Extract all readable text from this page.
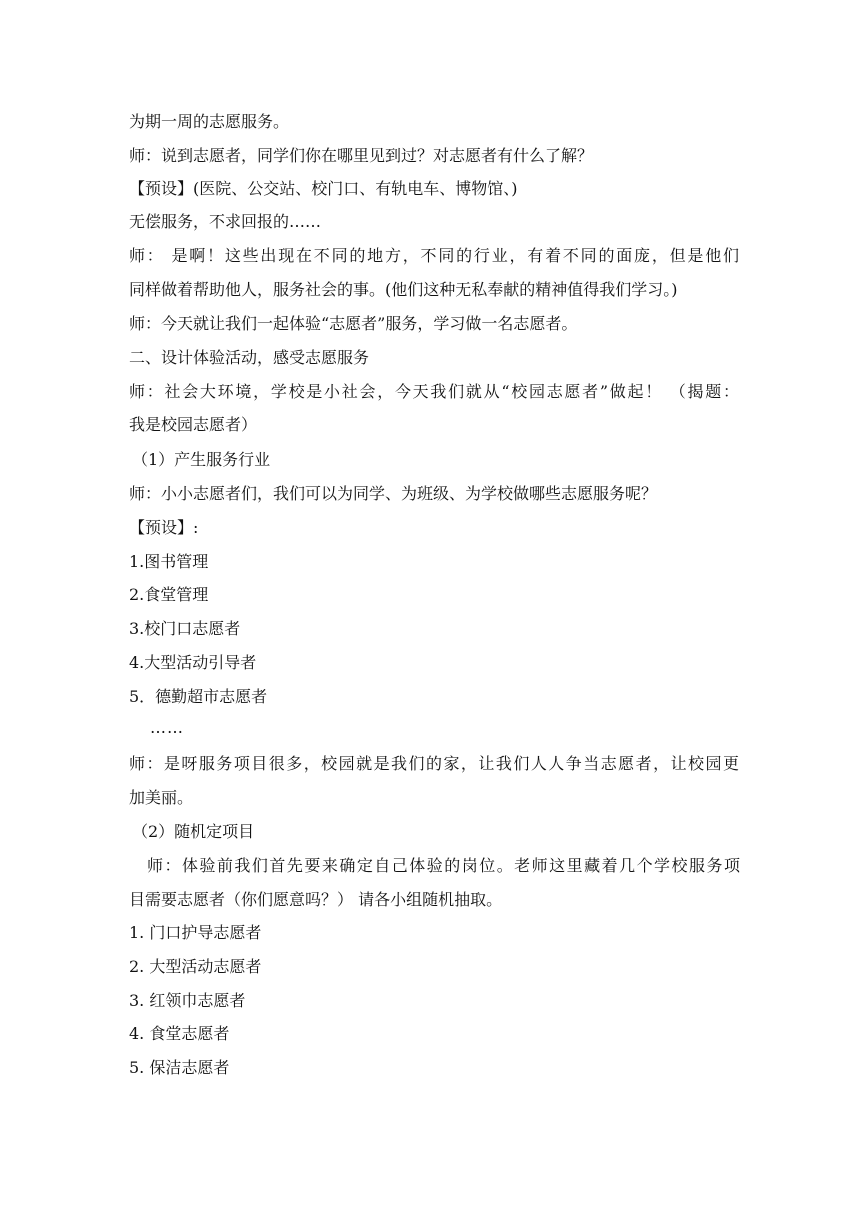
为期一周的志愿服务。
师：说到志愿者，同学们你在哪里见到过？对志愿者有什么了解？
【预设】(医院、公交站、校门口、有轨电车、博物馆、)
无偿服务，不求回报的……
师： 是啊！这些出现在不同的地方，不同的行业，有着不同的面庞，但是他们
同样做着帮助他人，服务社会的事。(他们这种无私奉献的精神值得我们学习。)
师：今天就让我们一起体验“志愿者”服务，学习做一名志愿者。
二、设计体验活动，感受志愿服务
师：社会大环境，学校是小社会，今天我们就从“校园志愿者”做起！ （揭题：
我是校园志愿者）
（1）产生服务行业
师：小小志愿者们，我们可以为同学、为班级、为学校做哪些志愿服务呢？
【预设】:
1.图书管理
2.食堂管理
3.校门口志愿者
4.大型活动引导者
5．德勤超市志愿者
……
师：是呀服务项目很多，校园就是我们的家，让我们人人争当志愿者，让校园更
加美丽。
（2）随机定项目
师：体验前我们首先要来确定自己体验的岗位。老师这里藏着几个学校服务项
目需要志愿者（你们愿意吗？） 请各小组随机抽取。
1. 门口护导志愿者
2. 大型活动志愿者
3. 红领巾志愿者
4. 食堂志愿者
5. 保洁志愿者
